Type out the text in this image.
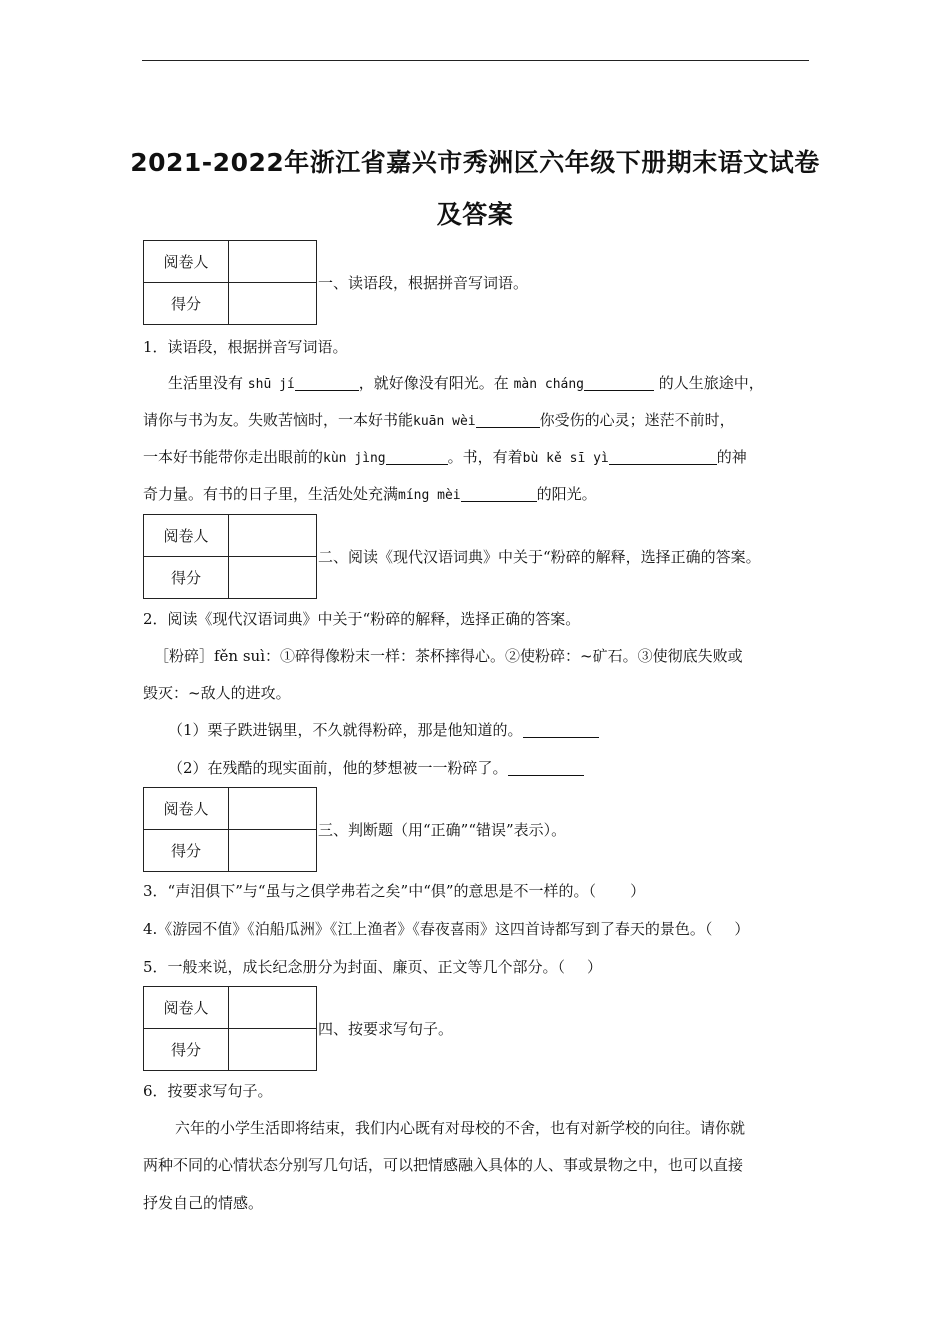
2021-2022年浙江省嘉兴市秀洲区六年级下册期末语文试卷
及答案
阅卷人	
得分	
一、读语段，根据拼音写词语。
1．读语段，根据拼音写词语。
生活里没有 shū jí	，就好像没有阳光。在 màn cháng	的人生旅途中，
请你与书为友。失败苦恼时，一本好书能kuān wèi	你受伤的心灵；迷茫不前时，
一本好书能带你走出眼前的kùn jìng	。书，有着bù kě sī yì	的神
奇力量。有书的日子里，生活处处充满míng mèi	的阳光。
阅卷人	
得分	
二、阅读《现代汉语词典》中关于“粉碎的解释，选择正确的答案。
2．阅读《现代汉语词典》中关于“粉碎的解释，选择正确的答案。
［粉碎］fěn suì：①碎得像粉末一样：茶杯摔得心。②使粉碎：~矿石。③使彻底失败或
毁灭：~敌人的进攻。
（1）栗子跌进锅里，不久就得粉碎，那是他知道的。
（2）在残酷的现实面前，他的梦想被一一粉碎了。
阅卷人	
得分	
三、判断题（用“正确”“错误”表示）。
3．“声泪俱下”与“虽与之俱学弗若之矣”中“俱”的意思是不一样的。（ ）
4.《游园不值》《泊船瓜洲》《江上渔者》《春夜喜雨》这四首诗都写到了春天的景色。（ ）
5．一般来说，成长纪念册分为封面、廉页、正文等几个部分。（ ）
阅卷人	
得分	
四、按要求写句子。
6．按要求写句子。
六年的小学生活即将结束，我们内心既有对母校的不舍，也有对新学校的向往。请你就
两种不同的心情状态分别写几句话，可以把情感融入具体的人、事或景物之中，也可以直接
抒发自己的情感。
